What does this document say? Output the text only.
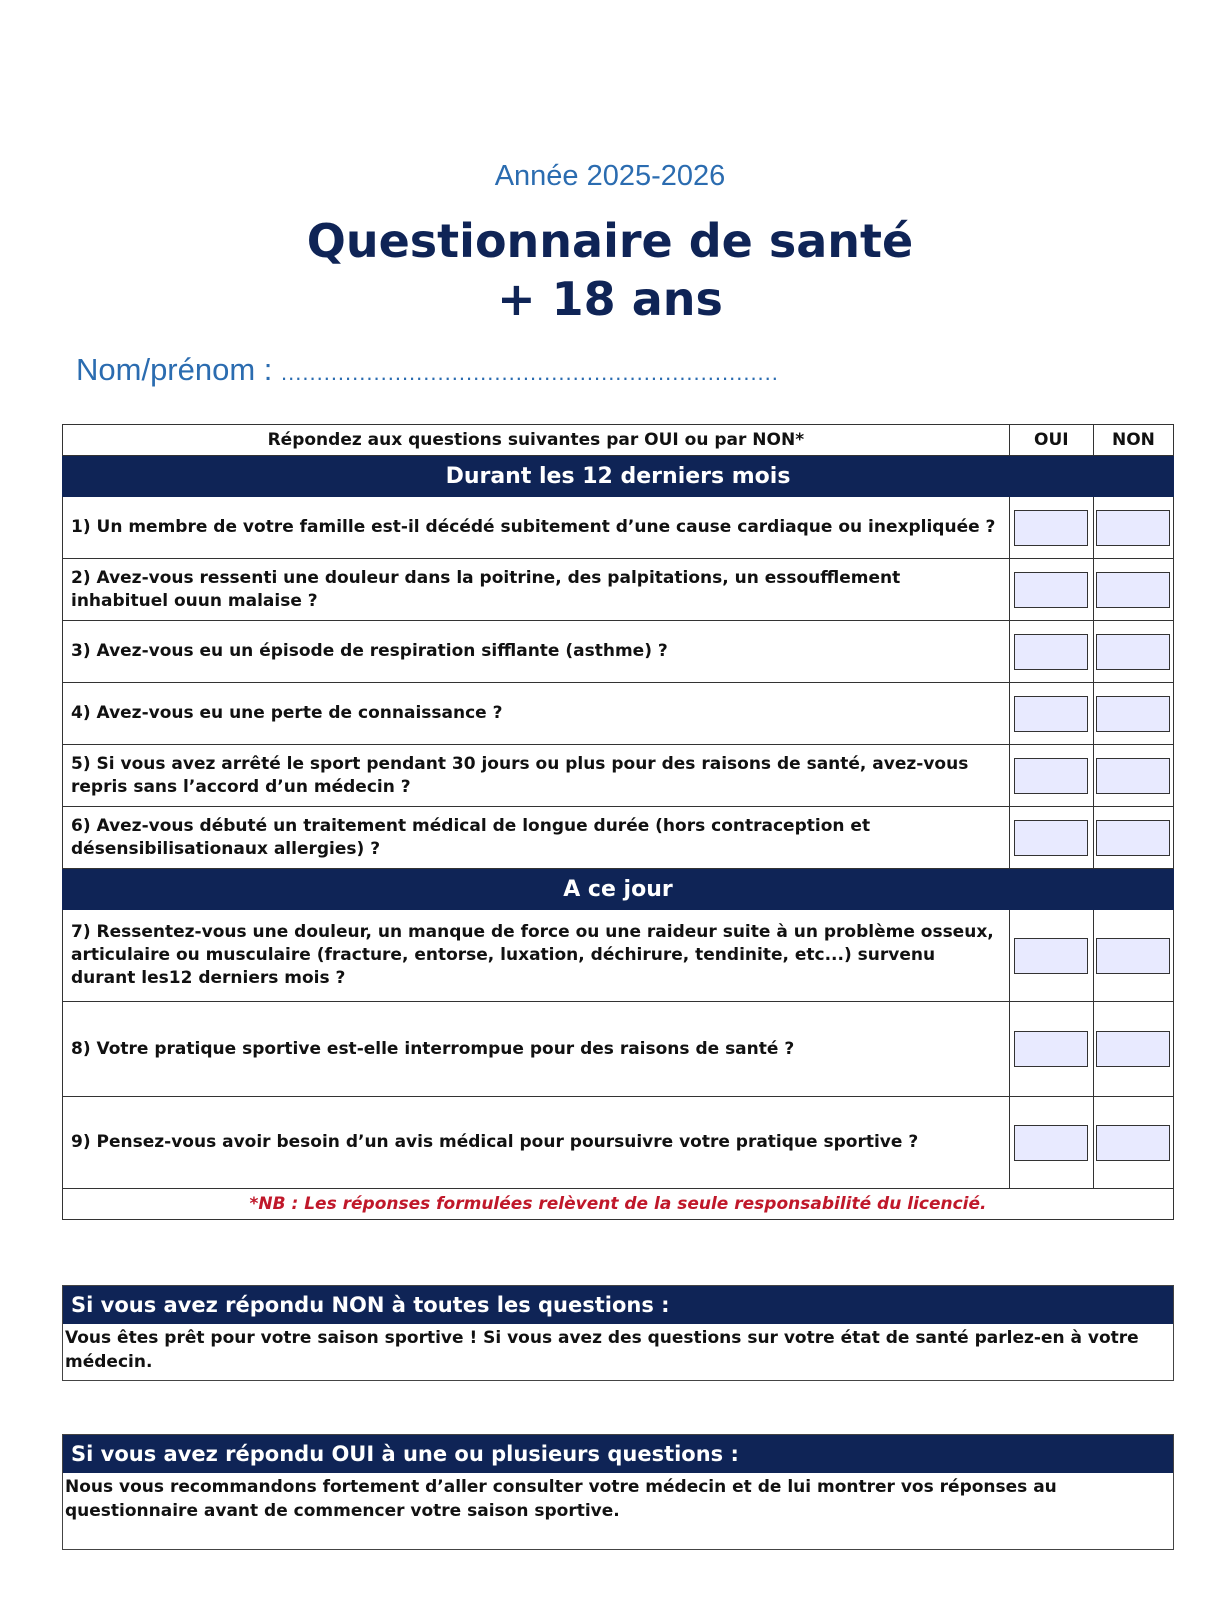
Année 2025-2026
Questionnaire de santé
+ 18 ans
Nom/prénom : ......................................................................
Répondez aux questions suivantes par OUI ou par NON*	OUI	NON
Durant les 12 derniers mois		
1) Un membre de votre famille est-il décédé subitement d’une cause cardiaque ou inexpliquée ?		
2) Avez-vous ressenti une douleur dans la poitrine, des palpitations, un essoufflement inhabituel ouun malaise ?		
3) Avez-vous eu un épisode de respiration sifflante (asthme) ?		
4) Avez-vous eu une perte de connaissance ?		
5) Si vous avez arrêté le sport pendant 30 jours ou plus pour des raisons de santé, avez-vous repris sans l’accord d’un médecin ?		
6) Avez-vous débuté un traitement médical de longue durée (hors contraception et désensibilisationaux allergies) ?		
A ce jour		
7) Ressentez-vous une douleur, un manque de force ou une raideur suite à un problème osseux, articulaire ou musculaire (fracture, entorse, luxation, déchirure, tendinite, etc...) survenu durant les12 derniers mois ?		
8) Votre pratique sportive est-elle interrompue pour des raisons de santé ?		
9) Pensez-vous avoir besoin d’un avis médical pour poursuivre votre pratique sportive ?		
*NB : Les réponses formulées relèvent de la seule responsabilité du licencié.		
Si vous avez répondu NON à toutes les questions :
Vous êtes prêt pour votre saison sportive ! Si vous avez des questions sur votre état de santé parlez-en à votre médecin.
Si vous avez répondu OUI à une ou plusieurs questions :
Nous vous recommandons fortement d’aller consulter votre médecin et de lui montrer vos réponses au questionnaire avant de commencer votre saison sportive.
